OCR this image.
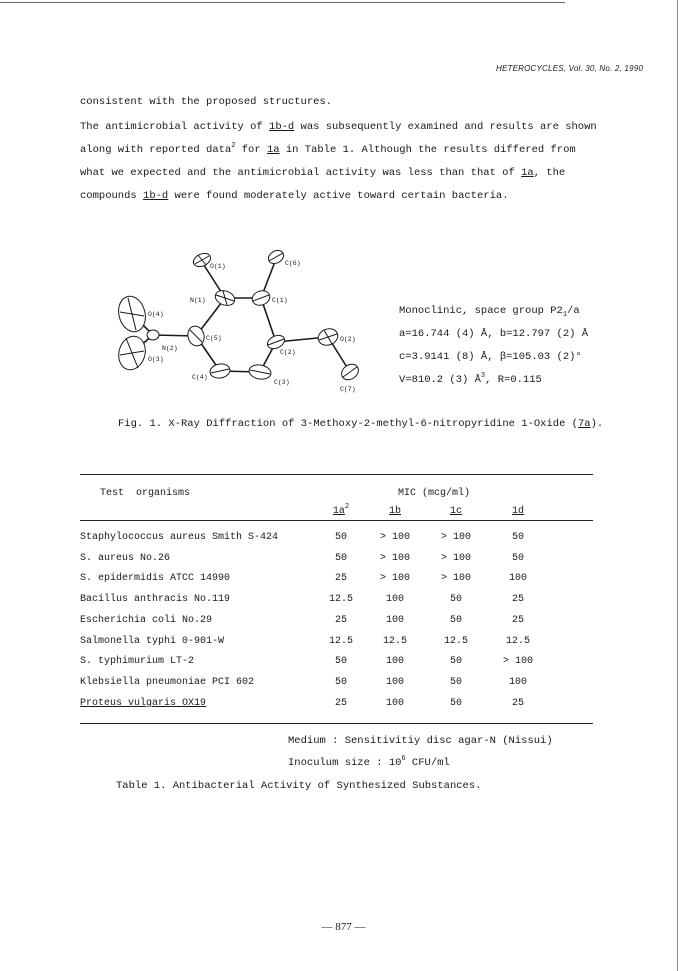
HETEROCYCLES, Vol. 30, No. 2, 1990
consistent with the proposed structures.
The antimicrobial activity of 1b-d was subsequently examined and results are shown
along with reported data$^2$ for 1a in Table 1. Although the results differed from
what we expected and the antimicrobial activity was less than that of 1a, the
compounds 1b-d were found moderately active toward certain bacteria.
O(1)	C(6)
N(1)	C(1)
O(4)
C(5)	O(2)
N(2)
C(2)
O(3)
C(4)
C(3)
C(7)
Monoclinic, space group $P2_1/a$
a=16.744 (4) Å, b=12.797 (2) Å
c=3.9141 (8) Å, β=105.03 (2)°
V=810.2 (3) $Å^3$, R=0.115
Fig. 1. X-Ray Diffraction of 3-Methoxy-2-methyl-6-nitropyridine 1-Oxide (7a).
Test  organisms	MIC (mcg/ml)
$1a^2$	1b	1c	1d
Staphylococcus aureus Smith S-424	50	> 100	> 100	50
S. aureus No.26	50	> 100	> 100	50
S. epidermidis ATCC 14990	25	> 100	> 100	100
Bacillus anthracis No.119	12.5	100	50	25
Escherichia coli No.29	25	100	50	25
Salmonella typhi 0-901-W	12.5	12.5	12.5	12.5
S. typhimurium LT-2	50	100	50	> 100
Klebsiella pneumoniae PCI 602	50	100	50	100
Proteus vulgaris OX19	25	100	50	25
Medium : Sensitivitiy disc agar-N (Nissui)
Inoculum size : $10^6$ CFU/ml
Table 1. Antibacterial Activity of Synthesized Substances.
— 877 —
